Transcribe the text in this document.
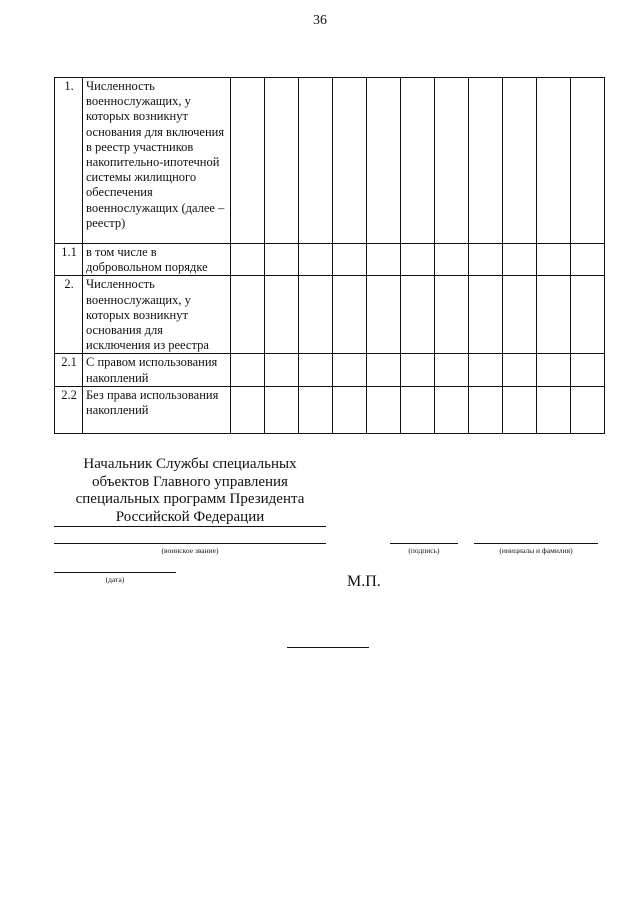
36
1.	Численность военнослужащих, у которых возникнут основания для включения в реестр участников накопительно-ипотечной системы жилищного обеспечения военнослужащих (далее – реестр)											
1.1	в том числе в добровольном порядке											
2.	Численность военнослужащих, у которых возникнут основания для исключения из реестра											
2.1	С правом использования накоплений											
2.2	Без права использования накоплений											
Начальник Службы специальных
объектов Главного управления
специальных программ Президента
Российской Федерации
(воинское звание)	(подпись)	(инициалы и фамилия)
(дата)	М.П.
